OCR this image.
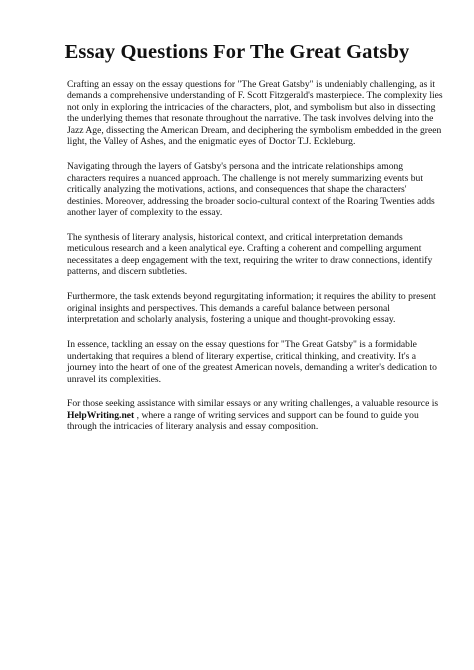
Essay Questions For The Great Gatsby

Crafting an essay on the essay questions for "The Great Gatsby" is undeniably challenging, as it demands a comprehensive understanding of F. Scott Fitzgerald's masterpiece. The complexity lies not only in exploring the intricacies of the characters, plot, and symbolism but also in dissecting the underlying themes that resonate throughout the narrative. The task involves delving into the Jazz Age, dissecting the American Dream, and deciphering the symbolism embedded in the green light, the Valley of Ashes, and the enigmatic eyes of Doctor T.J. Eckleburg.

Navigating through the layers of Gatsby's persona and the intricate relationships among characters requires a nuanced approach. The challenge is not merely summarizing events but critically analyzing the motivations, actions, and consequences that shape the characters' destinies. Moreover, addressing the broader socio-cultural context of the Roaring Twenties adds another layer of complexity to the essay.

The synthesis of literary analysis, historical context, and critical interpretation demands meticulous research and a keen analytical eye. Crafting a coherent and compelling argument necessitates a deep engagement with the text, requiring the writer to draw connections, identify patterns, and discern subtleties.

Furthermore, the task extends beyond regurgitating information; it requires the ability to present original insights and perspectives. This demands a careful balance between personal interpretation and scholarly analysis, fostering a unique and thought-provoking essay.

In essence, tackling an essay on the essay questions for "The Great Gatsby" is a formidable undertaking that requires a blend of literary expertise, critical thinking, and creativity. It's a journey into the heart of one of the greatest American novels, demanding a writer's dedication to unravel its complexities.

For those seeking assistance with similar essays or any writing challenges, a valuable resource is HelpWriting.net , where a range of writing services and support can be found to guide you through the intricacies of literary analysis and essay composition.
